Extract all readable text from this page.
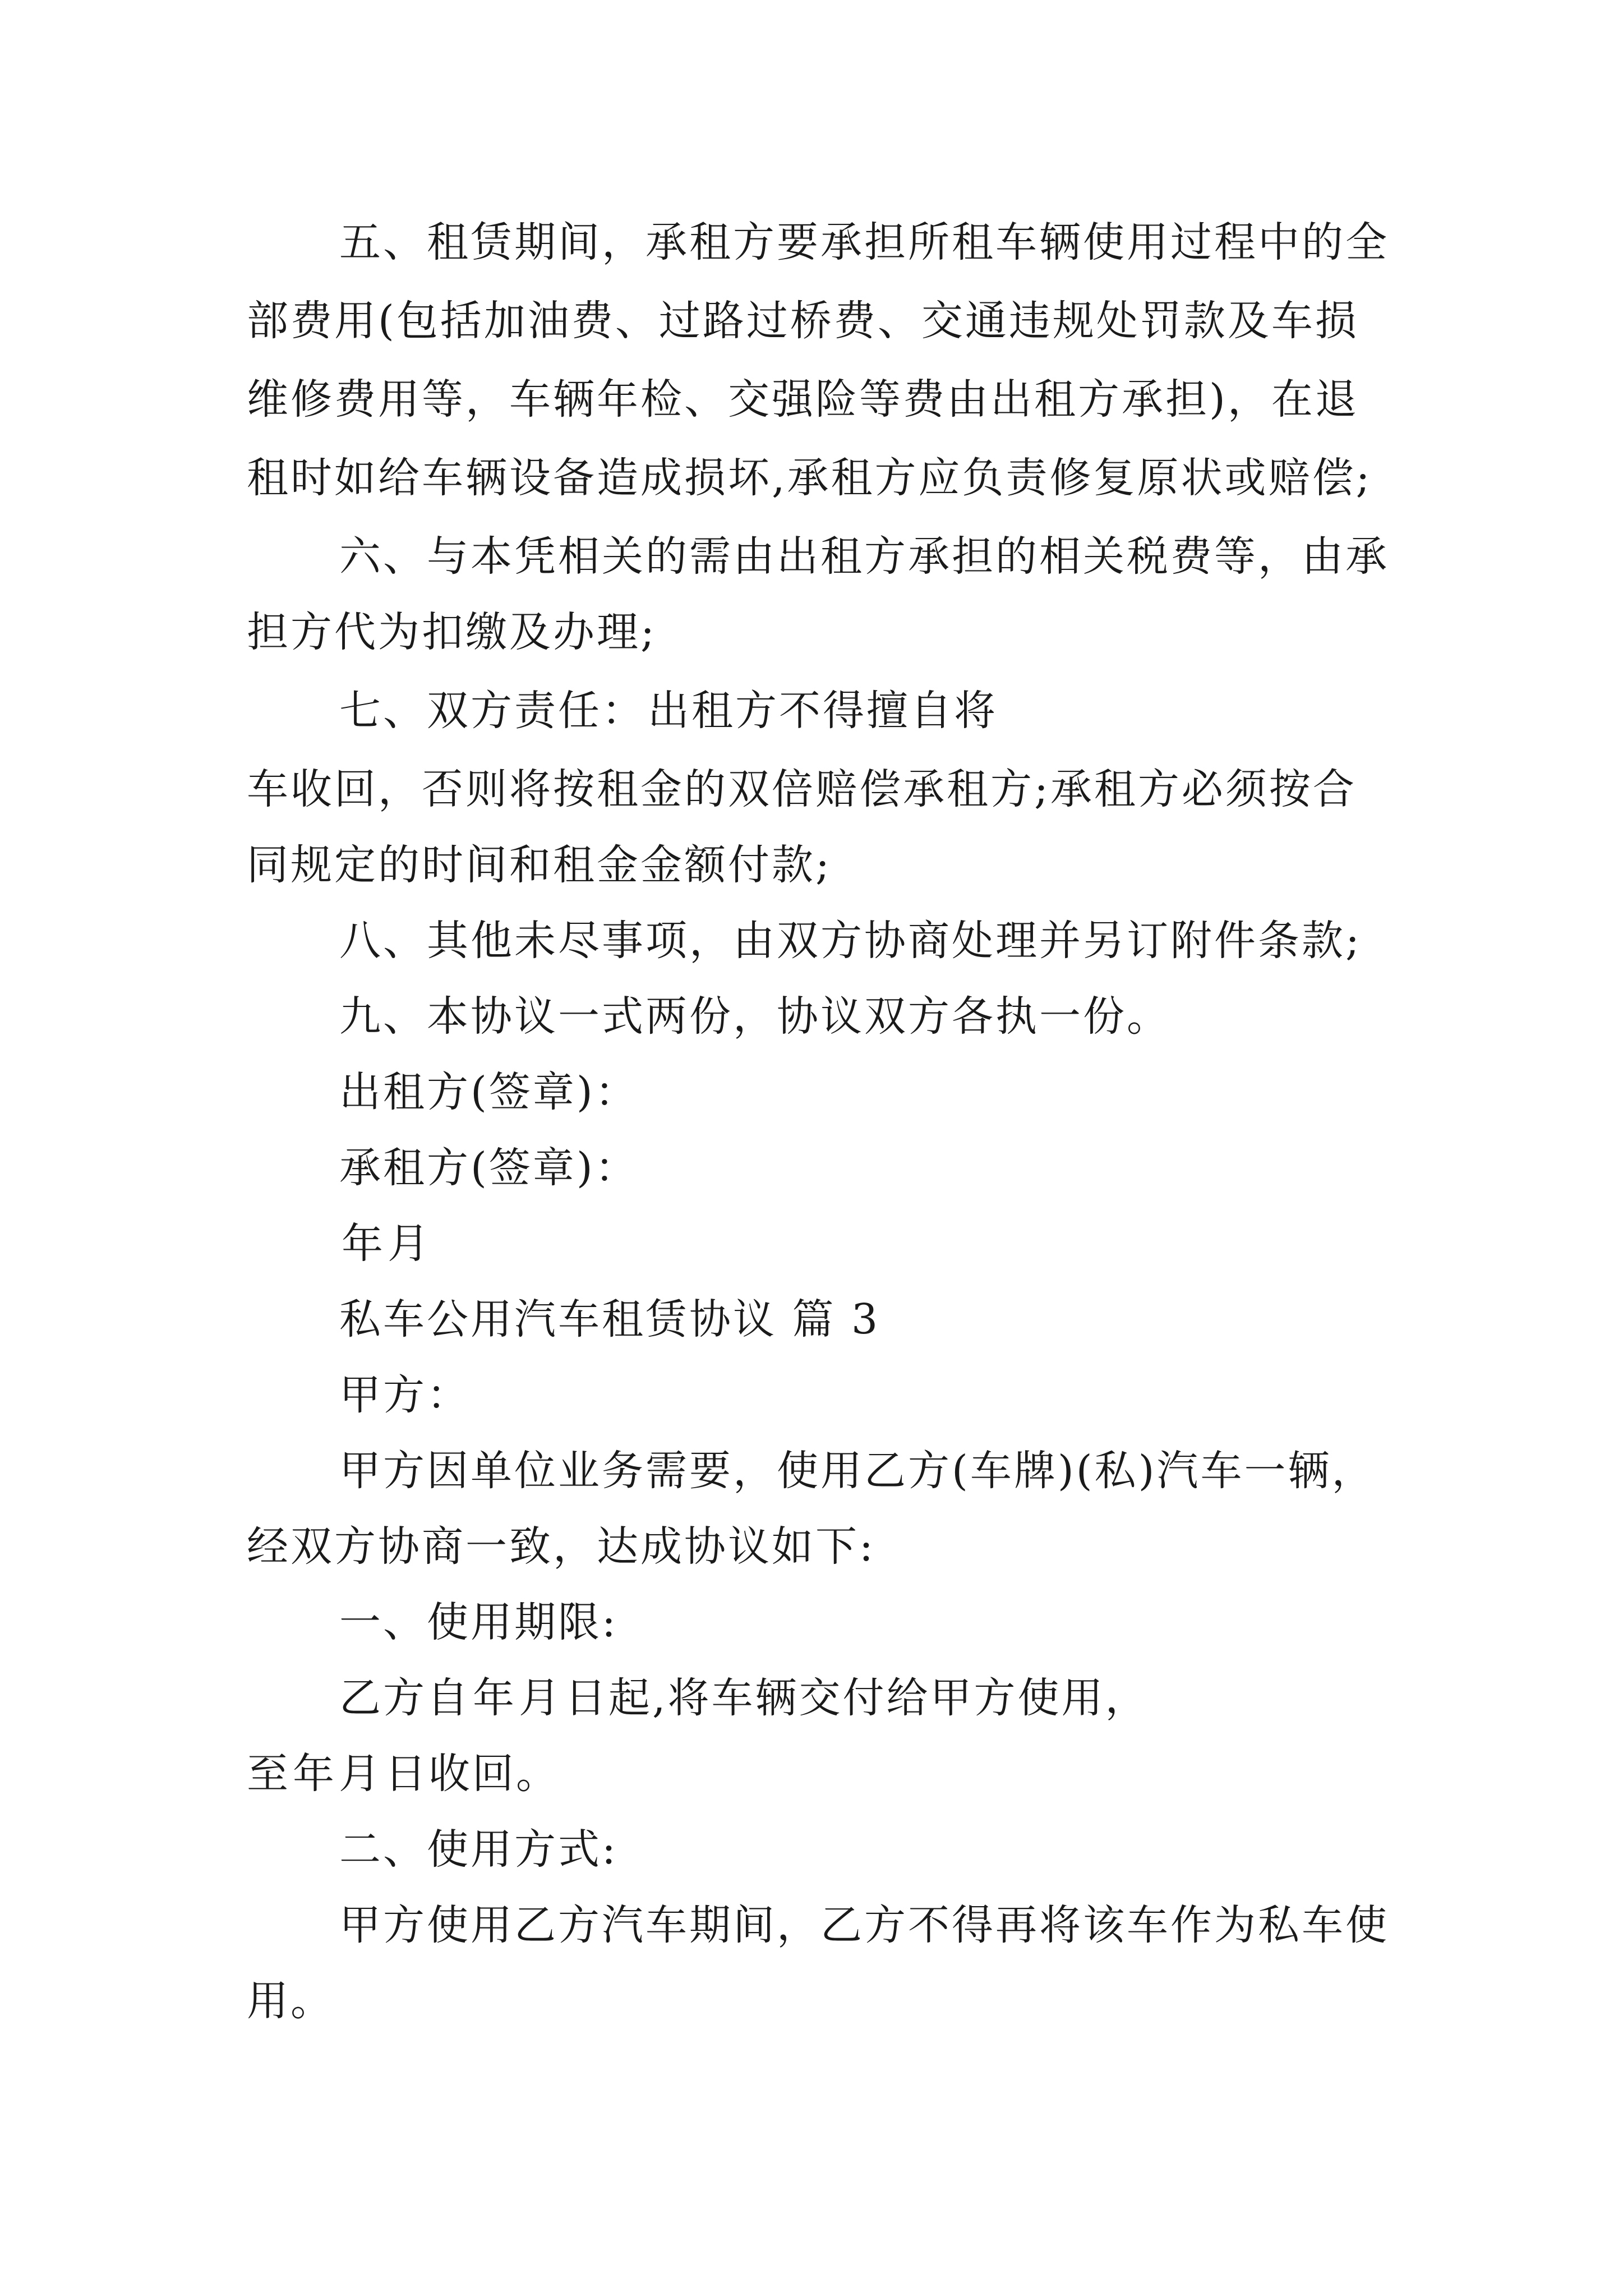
五、租赁期间，承租方要承担所租车辆使用过程中的全
部费用(包括加油费、过路过桥费、交通违规处罚款及车损
维修费用等，车辆年检、交强险等费由出租方承担)，在退
租时如给车辆设备造成损坏,承租方应负责修复原状或赔偿;
六、与本凭相关的需由出租方承担的相关税费等，由承
担方代为扣缴及办理;
七、双方责任：出租方不得擅自将
车收回，否则将按租金的双倍赔偿承租方;承租方必须按合
同规定的时间和租金金额付款;
八、其他未尽事项，由双方协商处理并另订附件条款;
九、本协议一式两份，协议双方各执一份。
出租方(签章)：
承租方(签章)：
年月
私车公用汽车租赁协议 篇 3
甲方：
甲方因单位业务需要，使用乙方(车牌)(私)汽车一辆，
经双方协商一致，达成协议如下:
一、使用期限:
乙方自年月日起,将车辆交付给甲方使用，
至年月日收回。
二、使用方式:
甲方使用乙方汽车期间，乙方不得再将该车作为私车使
用。
